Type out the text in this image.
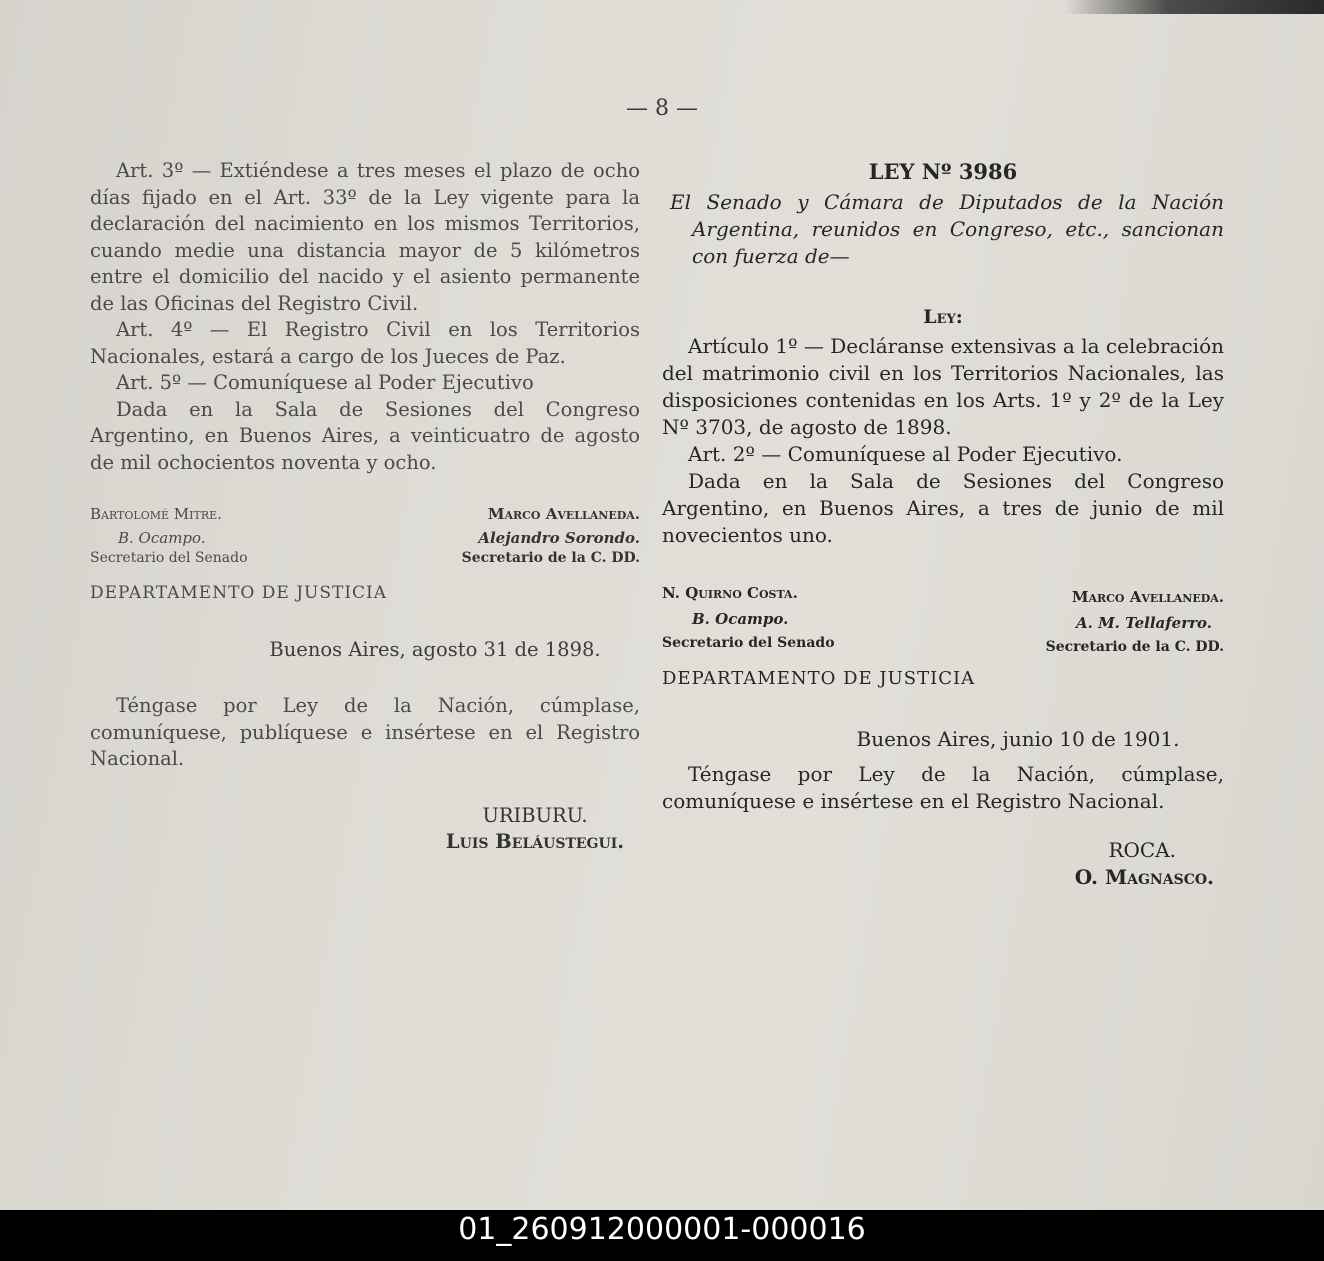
— 8 —

Art. 3º — Extiéndese a tres meses el plazo de ocho días fijado en el Art. 33º de la Ley vigente para la declaración del nacimiento en los mismos Territorios, cuando medie una distancia mayor de 5 kilómetros entre el domicilio del nacido y el asiento permanente de las Oficinas del Registro Civil.

Art. 4º — El Registro Civil en los Territorios Nacionales, estará a cargo de los Jueces de Paz.

Art. 5º — Comuníquese al Poder Ejecutivo

Dada en la Sala de Sesiones del Congreso Argentino, en Buenos Aires, a veinticuatro de agosto de mil ochocientos noventa y ocho.

Bartolomé Mitre.
B. Ocampo.
Secretario del Senado
Marco Avellaneda.
Alejandro Sorondo.
Secretario de la C. DD.
DEPARTAMENTO DE JUSTICIA
Buenos Aires, agosto 31 de 1898.

Téngase por Ley de la Nación, cúmplase, comuníquese, publíquese e insértese en el Registro Nacional.

URIBURU.
Luis Beláustegui.
LEY Nº 3986

El Senado y Cámara de Diputados de la Nación Argentina, reunidos en Congreso, etc., sancionan con fuerza de—

Ley:

Artículo 1º — Decláranse extensivas a la celebración del matrimonio civil en los Territorios Nacionales, las disposiciones contenidas en los Arts. 1º y 2º de la Ley Nº 3703, de agosto de 1898.

Art. 2º — Comuníquese al Poder Ejecutivo.

Dada en la Sala de Sesiones del Congreso Argentino, en Buenos Aires, a tres de junio de mil novecientos uno.

N. Quirno Costa.
B. Ocampo.
Secretario del Senado
Marco Avellaneda.
A. M. Tellaferro.
Secretario de la C. DD.
DEPARTAMENTO DE JUSTICIA
Buenos Aires, junio 10 de 1901.

Téngase por Ley de la Nación, cúmplase, comuníquese e insértese en el Registro Nacional.

ROCA.
O. Magnasco.
01_260912000001-000016
